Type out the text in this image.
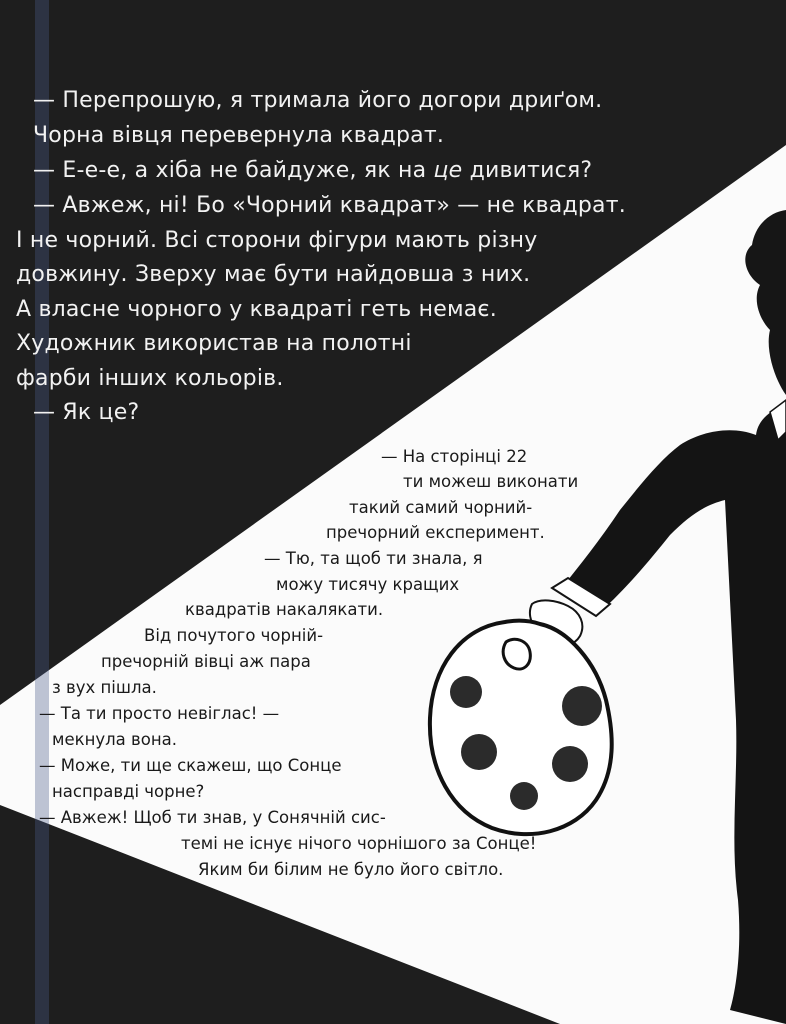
— Перепрошую, я тримала його догори дриґом.

Чорна вівця перевернула квадрат.

— Е-е-е, а хіба не байдуже, як на це дивитися?

— Авжеж, ні! Бо «Чорний квадрат» — не квадрат.

І не чорний. Всі сторони фігури мають різну

довжину. Зверху має бути найдовша з них.

А власне чорного у квадраті геть немає.

Художник використав на полотні

фарби інших кольорів.

— Як це?

— На сторінці 22

ти можеш виконати

такий самий чорний-

пречорний експеримент.

— Тю, та щоб ти знала, я

можу тисячу кращих

квадратів накалякати.

Від почутого чорній-

пречорній вівці аж пара

з вух пішла.

— Та ти просто невіглас! —

мекнула вона.

— Може, ти ще скажеш, що Сонце

насправді чорне?

— Авжеж! Щоб ти знав, у Сонячній сис-

темі не існує нічого чорнішого за Сонце!

Яким би білим не було його світло.
